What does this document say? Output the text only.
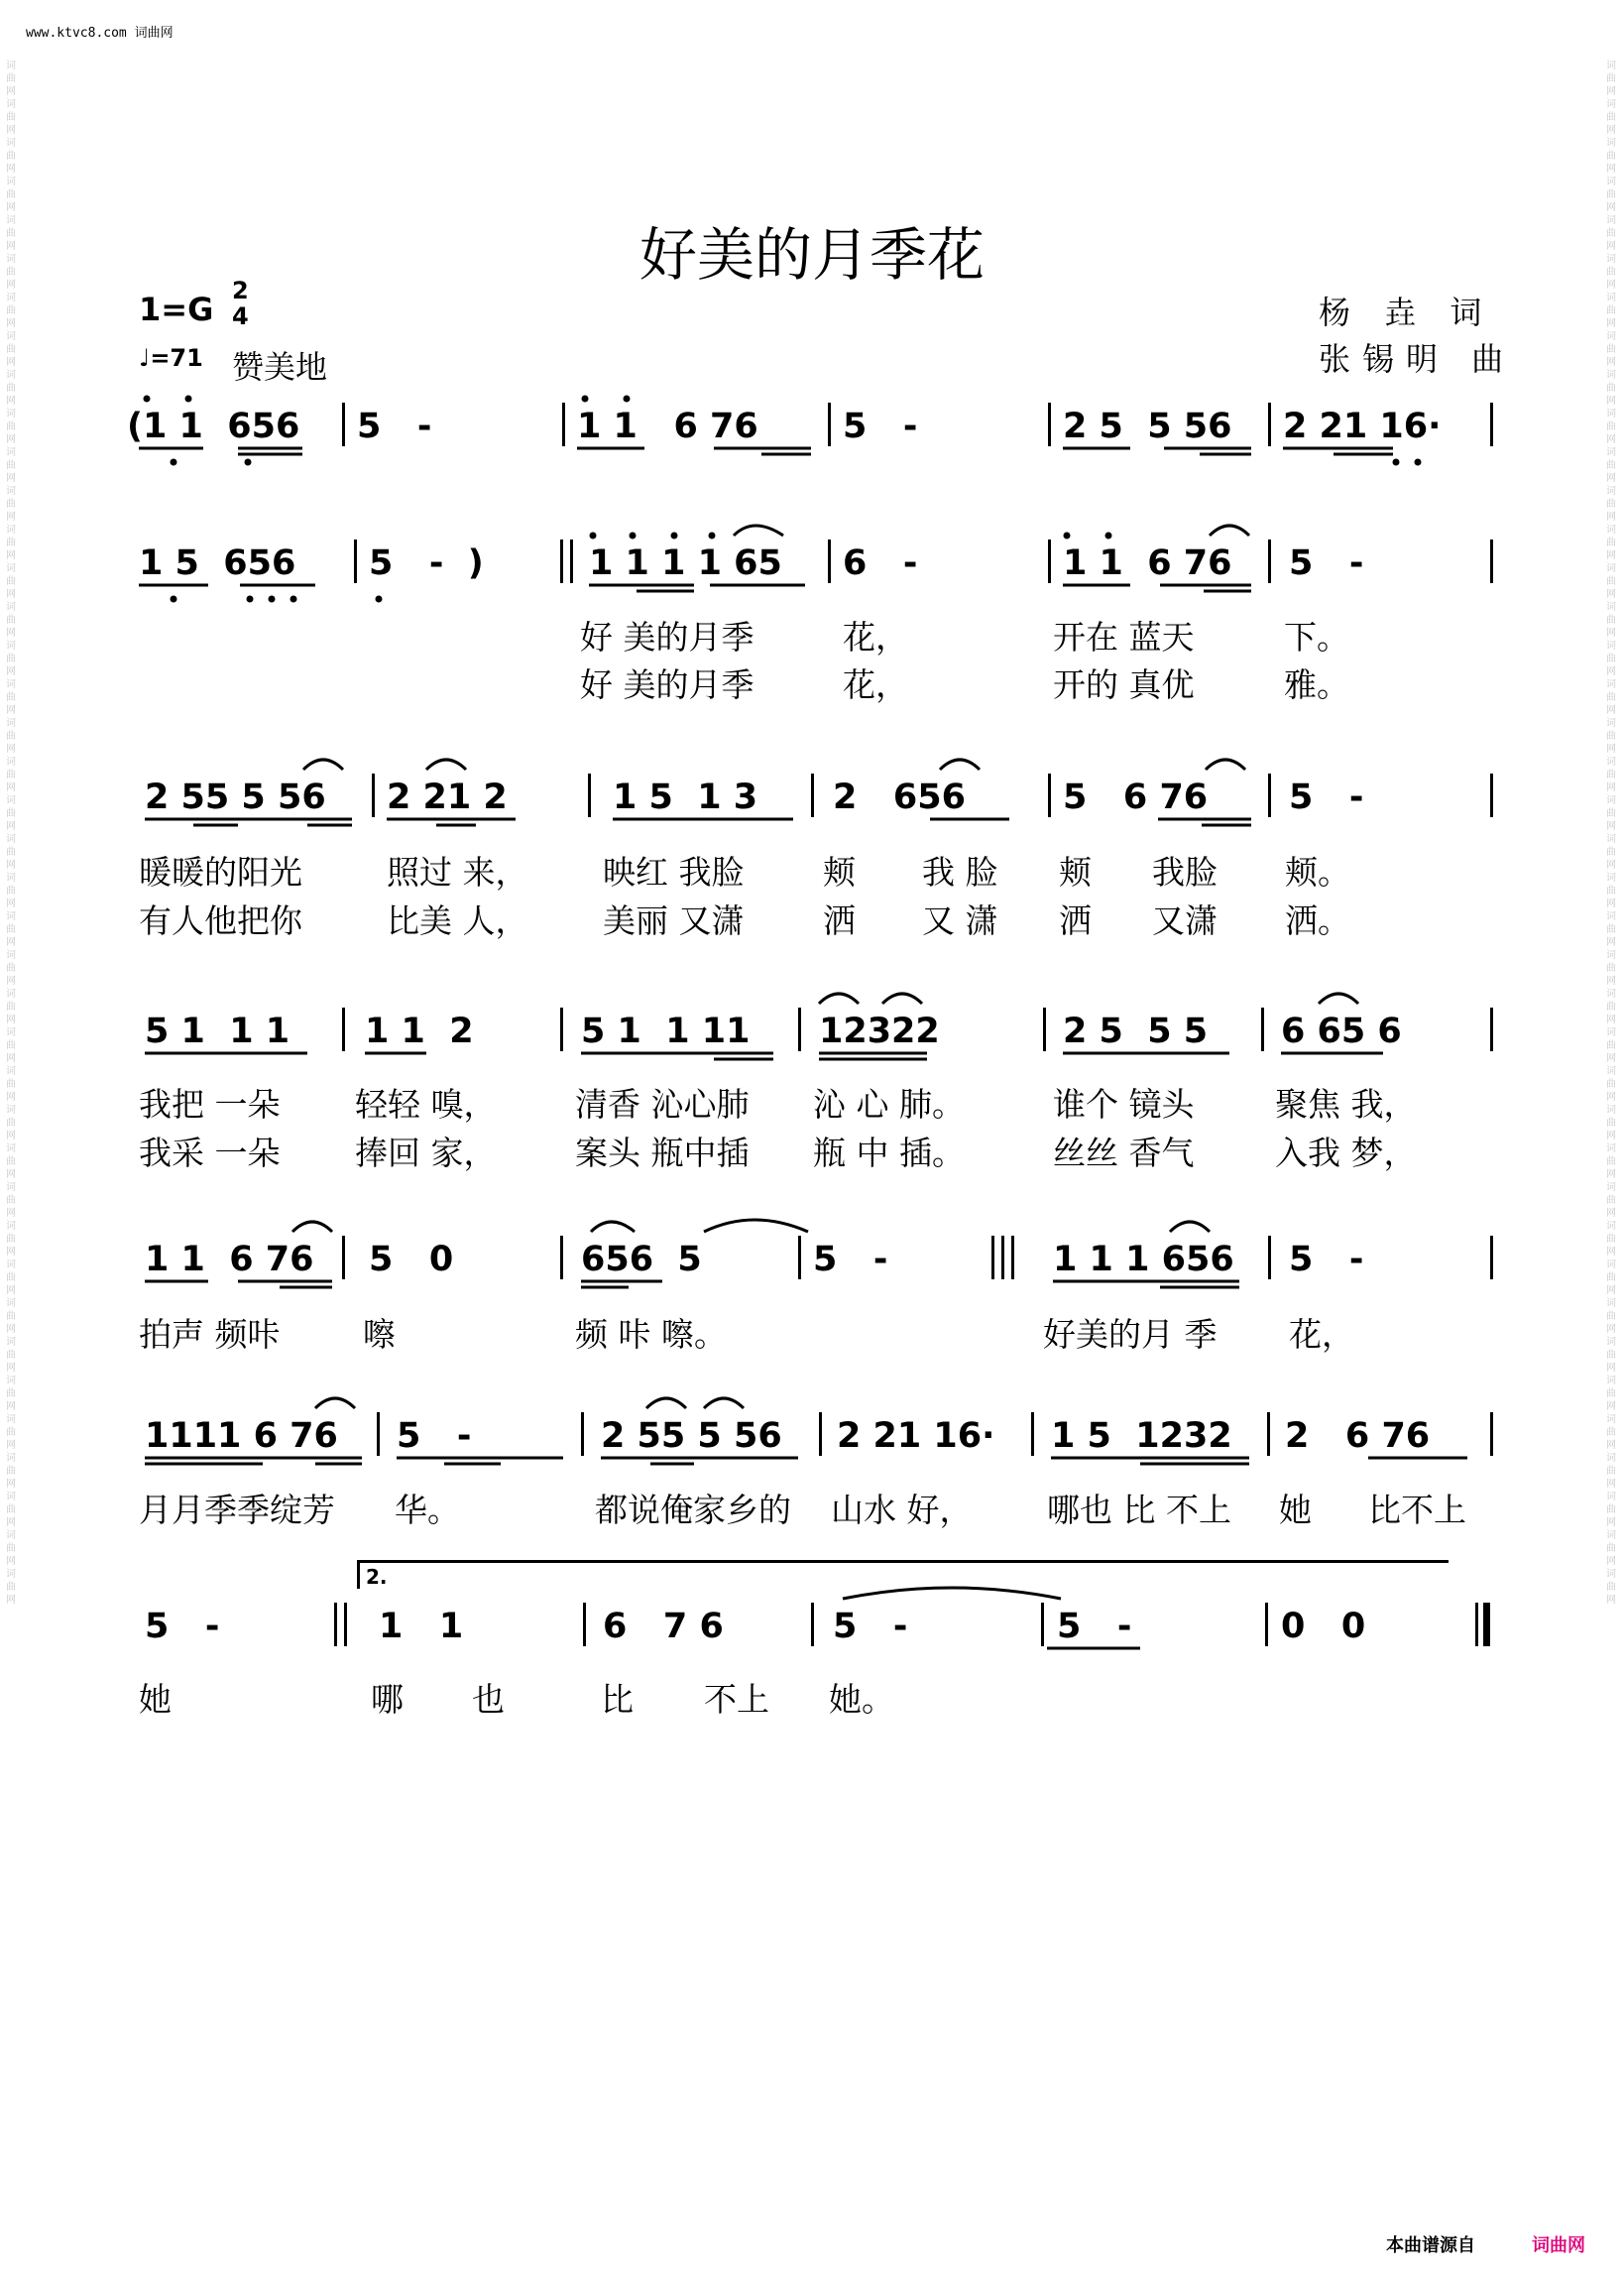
词曲网词曲网词曲网词曲网词曲网词曲网词曲网词曲网词曲网词曲网词曲网词曲网词曲网词曲网词曲网词曲网词曲网词曲网词曲网词曲网词曲网词曲网词曲网词曲网词曲网词曲网词曲网词曲网词曲网词曲网词曲网词曲网词曲网词曲网词曲网词曲网词曲网词曲网词曲网词曲网
词曲网词曲网词曲网词曲网词曲网词曲网词曲网词曲网词曲网词曲网词曲网词曲网词曲网词曲网词曲网词曲网词曲网词曲网词曲网词曲网词曲网词曲网词曲网词曲网词曲网词曲网词曲网词曲网词曲网词曲网词曲网词曲网词曲网词曲网词曲网词曲网词曲网词曲网词曲网词曲网
www.ktvc8.com 词曲网
好美的月季花
1=G 2
4
♩=71 赞美地
杨 垚 词
张锡明 曲

(1 1  656

5   -

	1 1   6 76

5   -

	2 5  5 56

2 21 16·

1 5  656

5   -  )

	1 1 1 1 65

6   -

	1 1  6 76

5   -

好 美的月季

	花，

	开在 蓝天

	下。

好 美的月季

	花，

	开的 真优

	雅。

2 55 5 56

2 21 2

	1 5  1 3

2   656

	5   6 76

5   -

暖暖的阳光

	照过 来，

映红 我脸

颊

我 脸

颊

我脸

颊。

有人他把你

	比美 人，

美丽 又潇

洒

又 潇

洒

又潇

洒。

5 1  1 1

1 1  2

	5 1  1 11

12322

	2 5  5 5

6 65 6

我把 一朵

轻轻 嗅，

清香 沁心肺

沁 心 肺。

	谁个 镜头

聚焦 我，

我采 一朵

捧回 家，

案头 瓶中插

瓶 中 插。

	丝丝 香气

入我 梦，

1 1  6 76

5   0

	656  5

	5   -

	1 1 1 656

5   -

拍声 频咔

	嚓

	频 咔 嚓。

	好美的月 季

花，

1111 6 76

5   -

	2 55 5 56

2 21 16·

1 5  1232

2   6 76

月月季季绽芳

华。

	都说俺家乡的

山水 好，

哪也 比 不上

她

比不上

2.

5   -

	1   1

	6   7 6

	5   -

	5   -

	0   0

她

	哪

也

	比

不上

她。

本曲谱源自	词曲网
